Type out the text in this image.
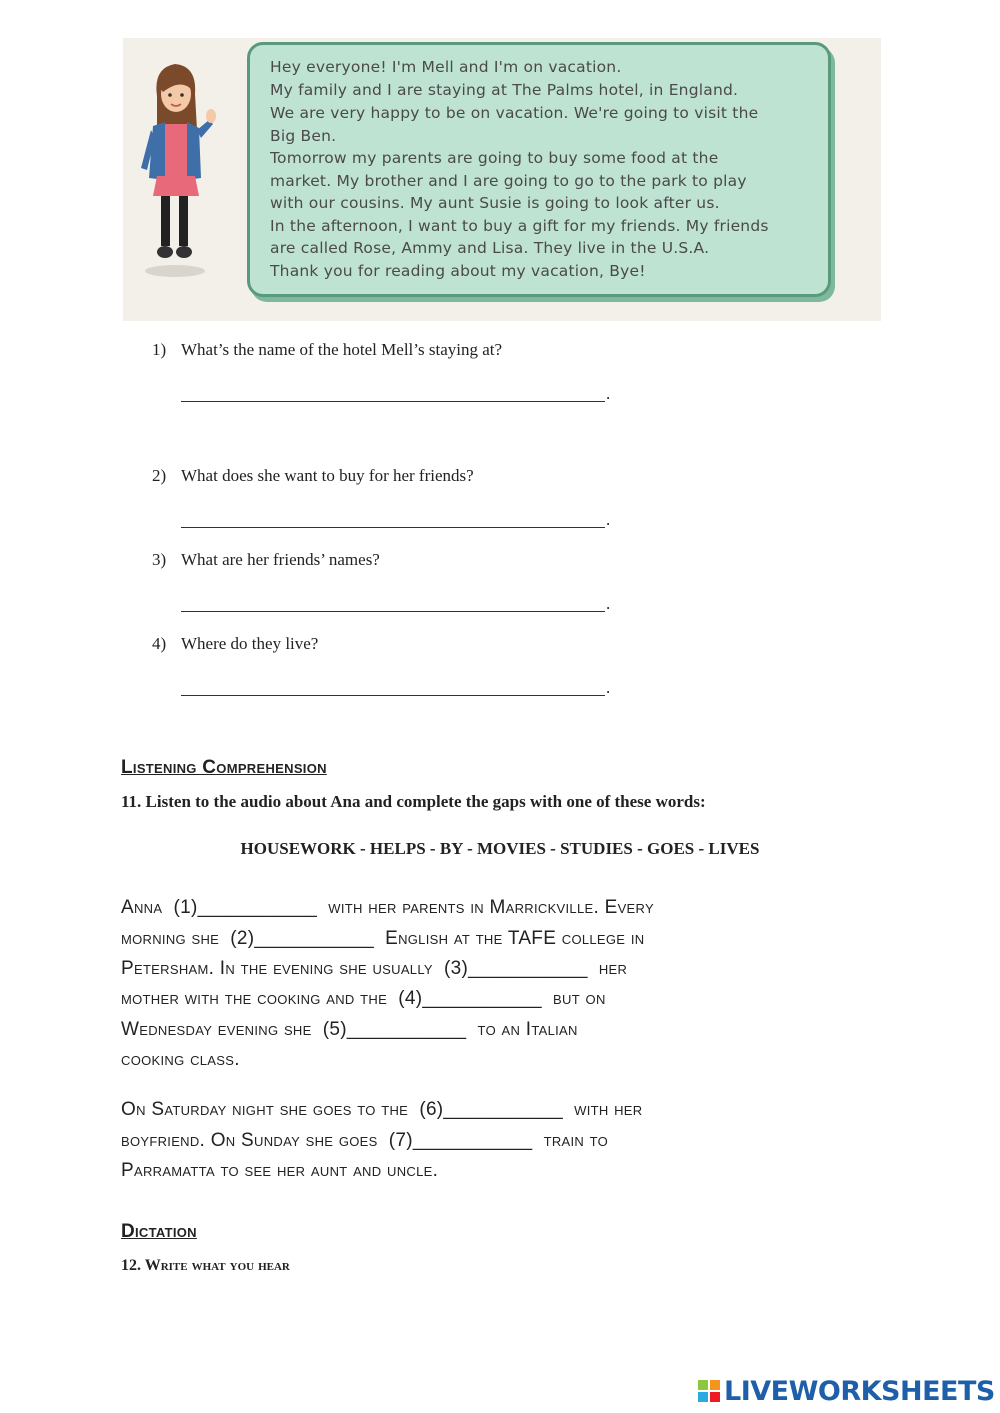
Hey everyone! I'm Mell and I'm on vacation.
My family and I are staying at The Palms hotel, in England.
We are very happy to be on vacation. We're going to visit the
Big Ben.
Tomorrow my parents are going to buy some food at the
market. My brother and I are going to go to the park to play
with our cousins. My aunt Susie is going to look after us.
In the afternoon, I want to buy a gift for my friends. My friends
are called Rose, Ammy and Lisa. They live in the U.S.A.
Thank you for reading about my vacation, Bye!
1) What’s the name of the hotel Mell’s staying at?
.
2) What does she want to buy for her friends?
.
3) What are her friends’ names?
.
4) Where do they live?
.
Listening Comprehension
11. Listen to the audio about Ana and complete the gaps with one of these words:
HOUSEWORK - HELPS - BY - MOVIES - STUDIES - GOES - LIVES
Anna  (1)___________  with her parents in Marrickville. Every
morning she  (2)___________  English at the TAFE college in
Petersham. In the evening she usually  (3)___________  her
mother with the cooking and the  (4)___________  but on
Wednesday evening she  (5)___________  to an Italian
cooking class.
On Saturday night she goes to the  (6)___________  with her
boyfriend. On Sunday she goes  (7)___________  train to
Parramatta to see her aunt and uncle.
Dictation
12. Write what you hear
LIVEWORKSHEETS
